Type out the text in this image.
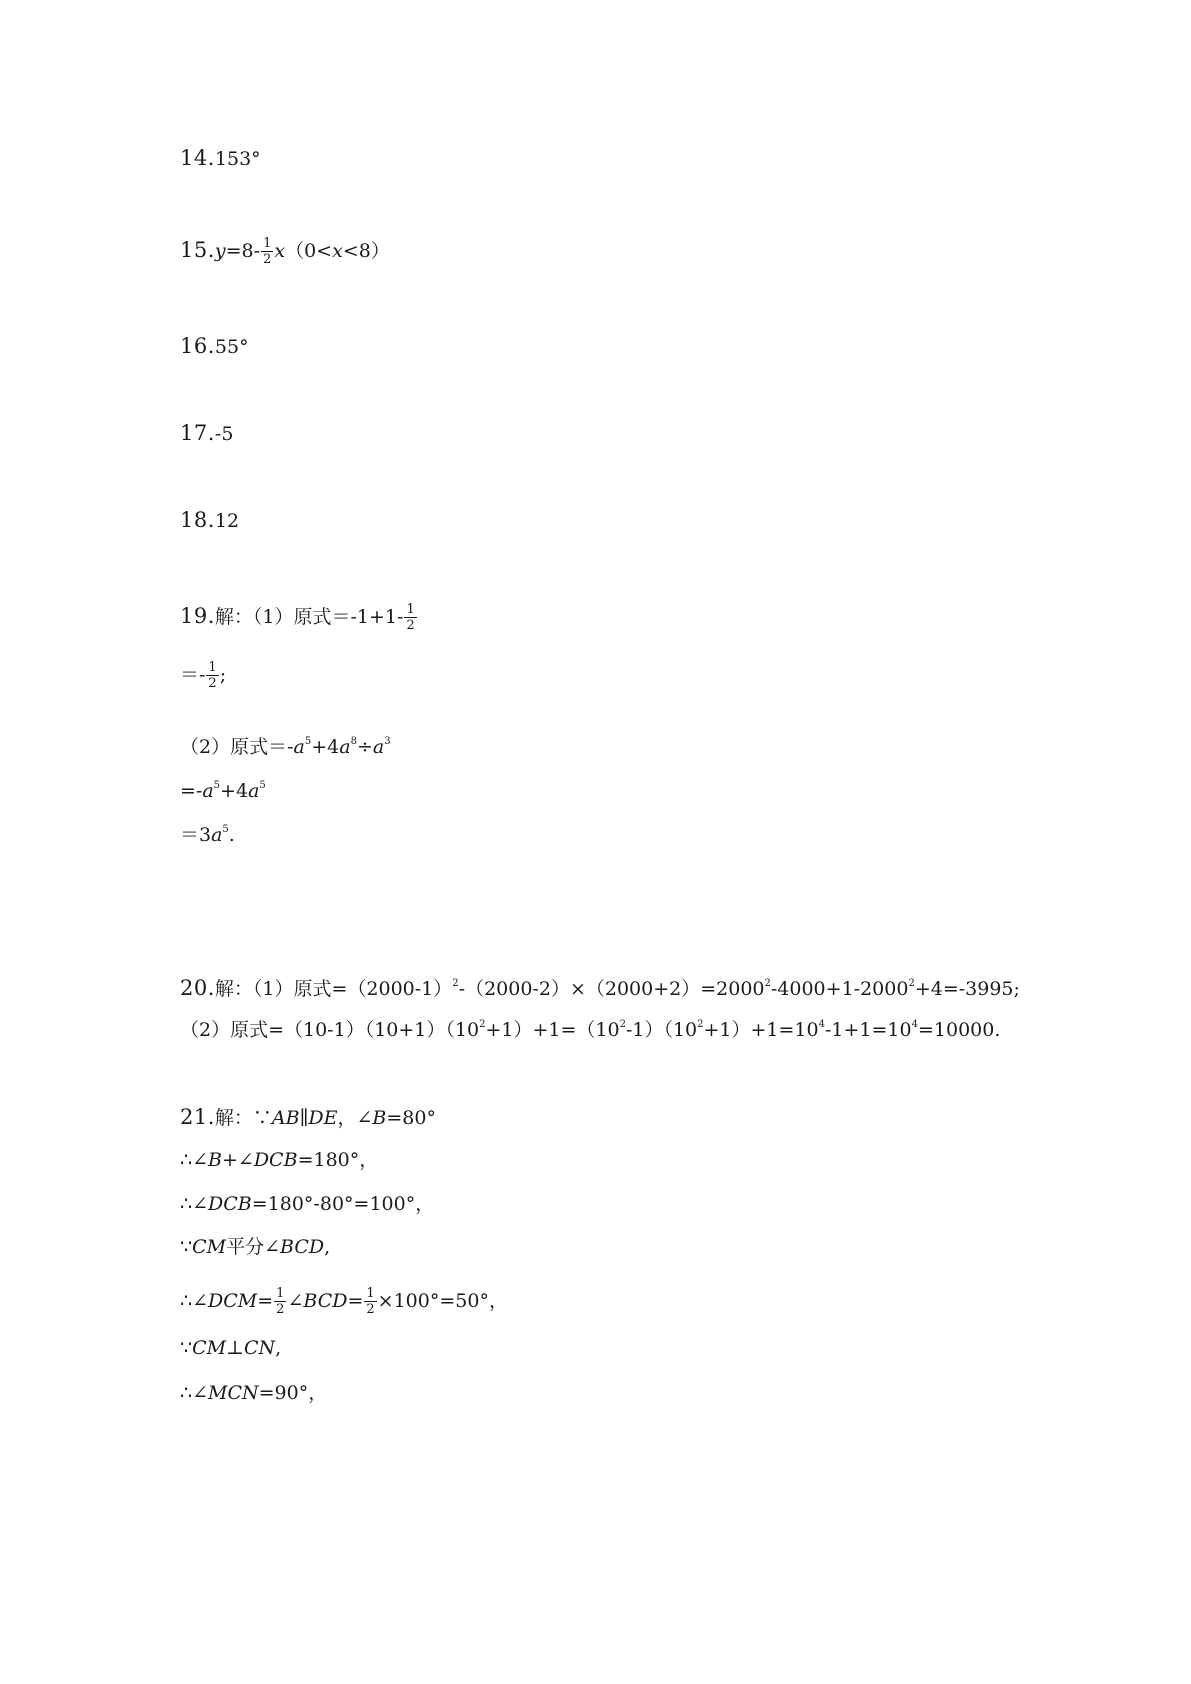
14.153°
$15.y=8- \frac{1}{2} x(0<x<8)$
16.55°
17.-5
18.12
19.解：（1）原式$=-1+1- \frac{1}{2}$
＝- $\frac{1}{2}$ ;
（2）原式$=-a^5+4a^8\div a^3$
$=-a^5+4a^5$
$=3a^5$.
20.解：（1）原式$=(2000-1)^2-(2000-2)\times(2000+2)=2000^2-4000+1-2000^2+4=-3995$;
（2）原式$=(10-1)(10+1)(10^2+1)+1=(10^2-1)(10^2+1)+1=10^4-1+1=10^4=10000$.
21.解：∵AB∥DE，∠B=80°
∴∠B+∠DCB=180°，
∴∠DCB=180°-80°=100°，
∵CM平分∠BCD,
∴∠DCM= $\frac{1}{2}$ ∠BCD= $\frac{1}{2} \times 100^\circ=50^\circ$，
∵CM⊥CN,
∴∠MCN=90°，
